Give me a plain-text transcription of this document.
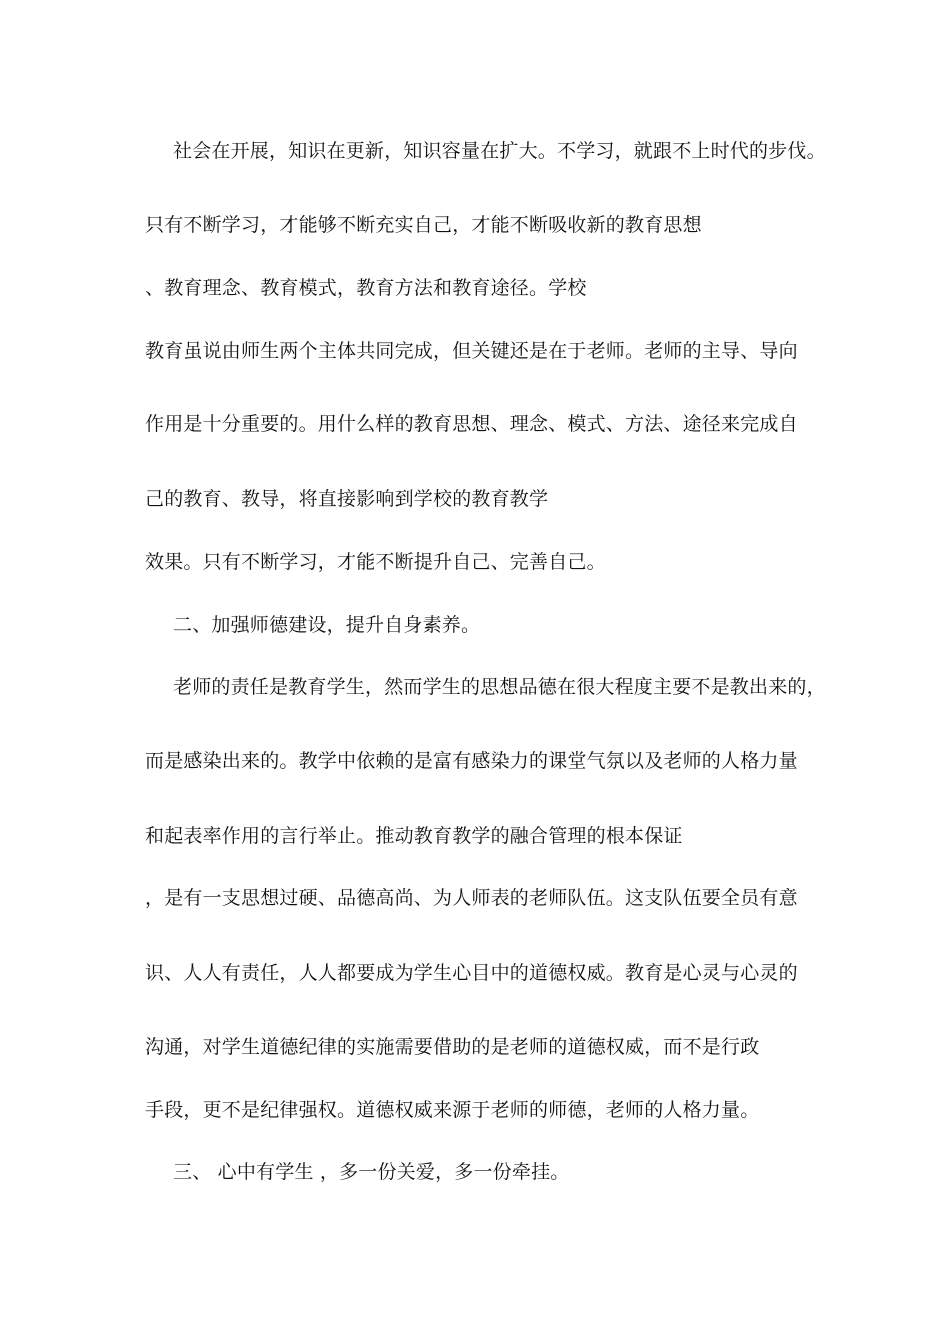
社会在开展，知识在更新，知识容量在扩大。不学习，就跟不上时代的步伐。
只有不断学习，才能够不断充实自己，才能不断吸收新的教育思想
、教育理念、教育模式，教育方法和教育途径。学校
教育虽说由师生两个主体共同完成，但关键还是在于老师。老师的主导、导向
作用是十分重要的。用什么样的教育思想、理念、模式、方法、途径来完成自
己的教育、教导，将直接影响到学校的教育教学
效果。只有不断学习，才能不断提升自己、完善自己。
二、加强师德建设，提升自身素养。
老师的责任是教育学生，然而学生的思想品德在很大程度主要不是教出来的，
而是感染出来的。教学中依赖的是富有感染力的课堂气氛以及老师的人格力量
和起表率作用的言行举止。推动教育教学的融合管理的根本保证
，是有一支思想过硬、品德高尚、为人师表的老师队伍。这支队伍要全员有意
识、人人有责任，人人都要成为学生心目中的道德权威。教育是心灵与心灵的
沟通，对学生道德纪律的实施需要借助的是老师的道德权威，而不是行政
手段，更不是纪律强权。道德权威来源于老师的师德，老师的人格力量。
三、 心中有学生 ，多一份关爱，多一份牵挂。
